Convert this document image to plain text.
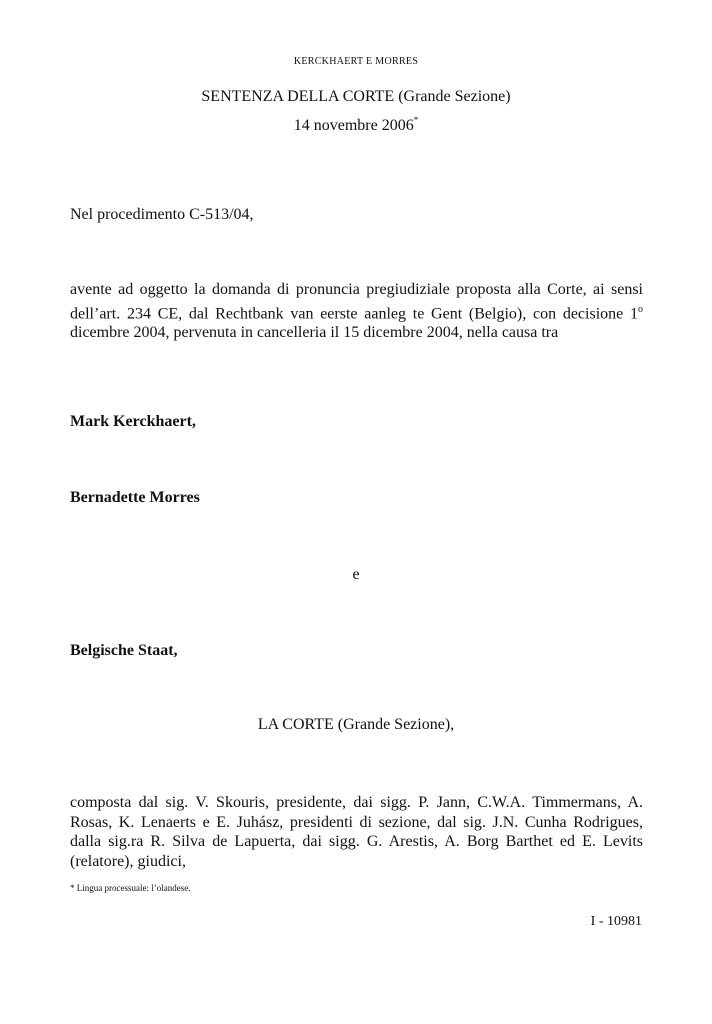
KERCKHAERT E MORRES
SENTENZA DELLA CORTE (Grande Sezione)
14 novembre 2006*
Nel procedimento C-513/04,
avente ad oggetto la domanda di pronuncia pregiudiziale proposta alla Corte, ai sensi dell’art. 234 CE, dal Rechtbank van eerste aanleg te Gent (Belgio), con decisione 1$^o$ dicembre 2004, pervenuta in cancelleria il 15 dicembre 2004, nella causa tra
Mark Kerckhaert,
Bernadette Morres
e
Belgische Staat,
LA CORTE (Grande Sezione),
composta dal sig. V. Skouris, presidente, dai sigg. P. Jann, C.W.A. Timmermans, A. Rosas, K. Lenaerts e E. Juhász, presidenti di sezione, dal sig. J.N. Cunha Rodrigues, dalla sig.ra R. Silva de Lapuerta, dai sigg. G. Arestis, A. Borg Barthet ed E. Levits (relatore), giudici,
* Lingua processuale: l’olandese.
I - 10981
